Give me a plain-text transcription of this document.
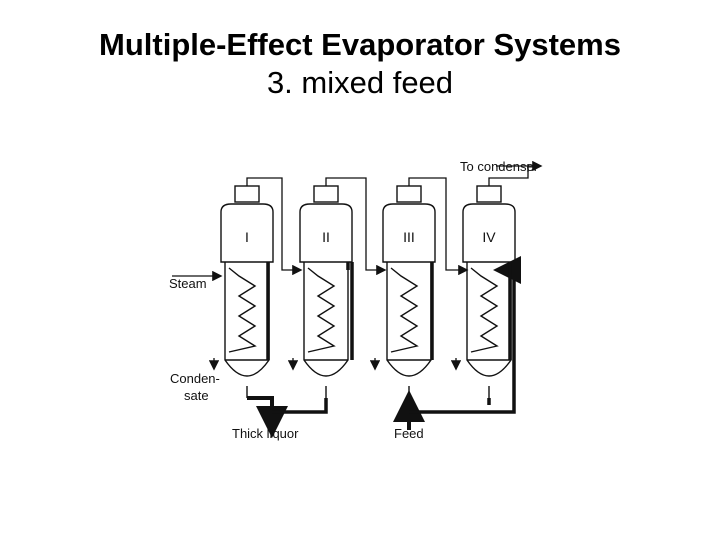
Multiple-Effect Evaporator Systems
3. mixed feed
To condenser
Steam
Conden-
sate
Thick liquor	Feed
I	II	III	IV
